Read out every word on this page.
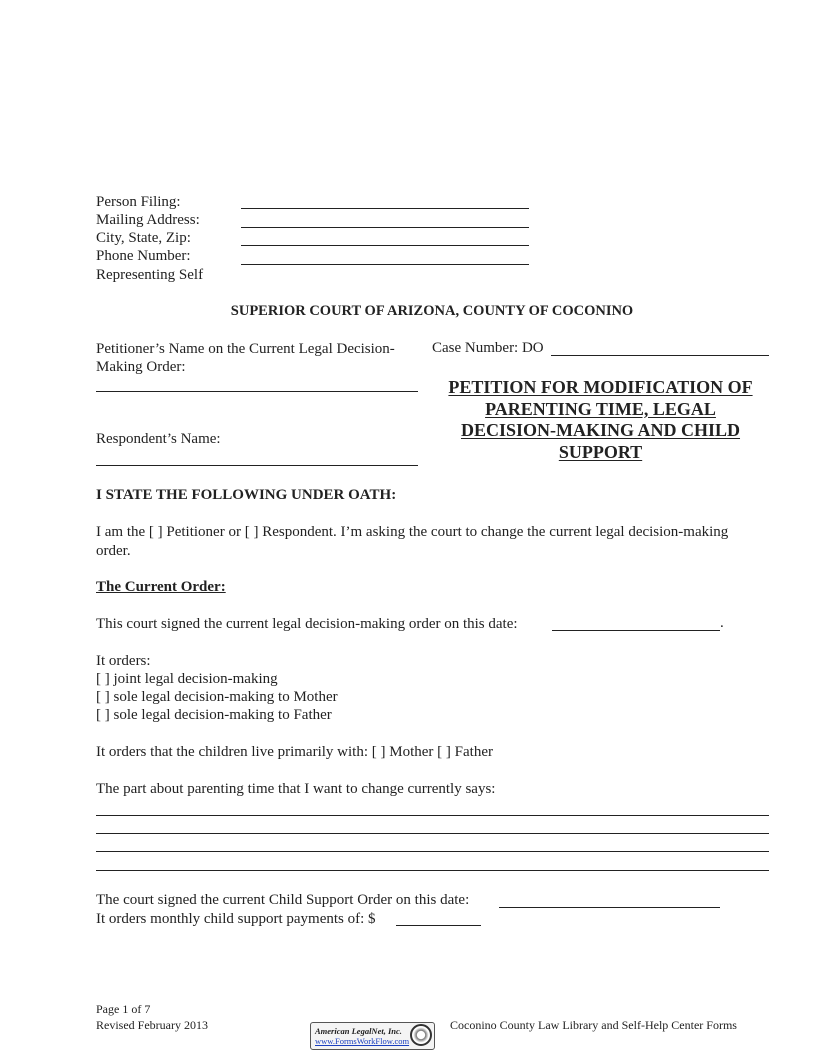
Person Filing:
Mailing Address:
City, State, Zip:
Phone Number:
Representing Self
SUPERIOR COURT OF ARIZONA, COUNTY OF COCONINO
Petitioner’s Name on the Current Legal Decision-Making Order:
Respondent’s Name:
Case Number: DO
PETITION FOR MODIFICATION OF PARENTING TIME, LEGAL DECISION-MAKING AND CHILD SUPPORT
I STATE THE FOLLOWING UNDER OATH:
I am the [ ] Petitioner or [ ] Respondent. I’m asking the court to change the current legal decision-making order.
The Current Order:
This court signed the current legal decision-making order on this date:	.
It orders:
[ ] joint legal decision-making
[ ] sole legal decision-making to Mother
[ ] sole legal decision-making to Father
It orders that the children live primarily with: [ ] Mother [ ] Father
The part about parenting time that I want to change currently says:
The court signed the current Child Support Order on this date:
It orders monthly child support payments of: $
Page 1 of 7
Revised February 2013	Coconino County Law Library and Self-Help Center Forms
American LegalNet, Inc.
www.FormsWorkFlow.com
